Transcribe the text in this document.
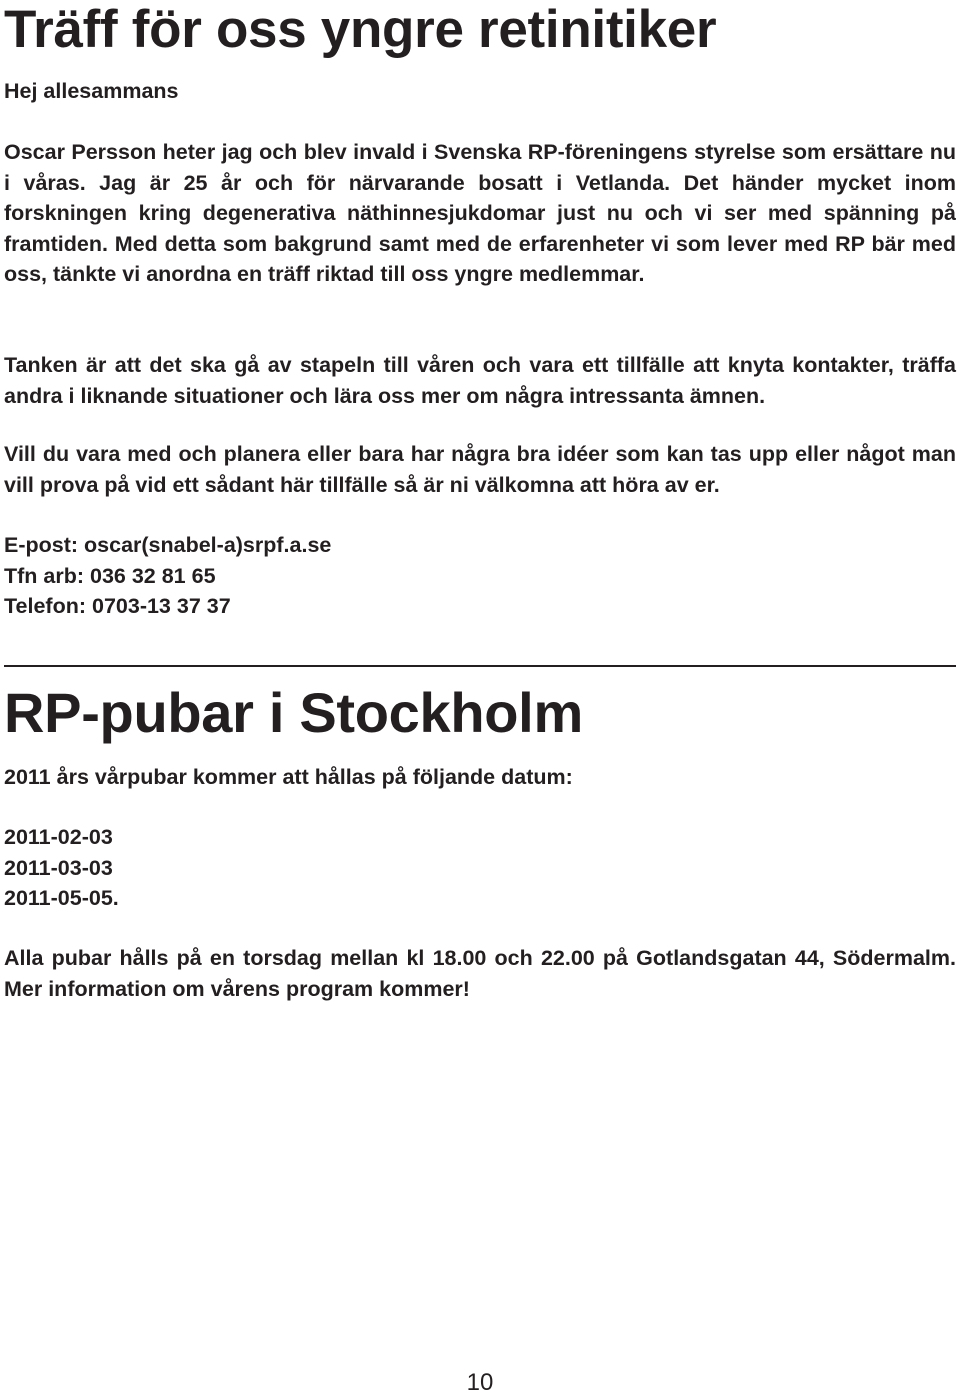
Träff för oss yngre retinitiker

Hej allesammans

Oscar Persson heter jag och blev invald i Svenska RP-föreningens styrelse som ersättare nu i våras. Jag är 25 år och för närvarande bosatt i Vetlanda. Det händer mycket inom forskningen kring degenerativa näthinnesjukdomar just nu och vi ser med spänning på framtiden. Med detta som bakgrund samt med de erfarenheter vi som lever med RP bär med oss, tänkte vi anordna en träff riktad till oss yngre medlemmar.

Tanken är att det ska gå av stapeln till våren och vara ett tillfälle att knyta kontakter, träffa andra i liknande situationer och lära oss mer om några intressanta ämnen.

Vill du vara med och planera eller bara har några bra idéer som kan tas upp eller något man vill prova på vid ett sådant här tillfälle så är ni välkomna att höra av er.

E-post: oscar(snabel-a)srpf.a.se
Tfn arb: 036 32 81 65
Telefon: 0703-13 37 37
RP-pubar i Stockholm

2011 års vårpubar kommer att hållas på följande datum:

2011-02-03
2011-03-03
2011-05-05.

Alla pubar hålls på en torsdag mellan kl 18.00 och 22.00 på Gotlandsgatan 44, Södermalm. Mer information om vårens program kommer!

10
